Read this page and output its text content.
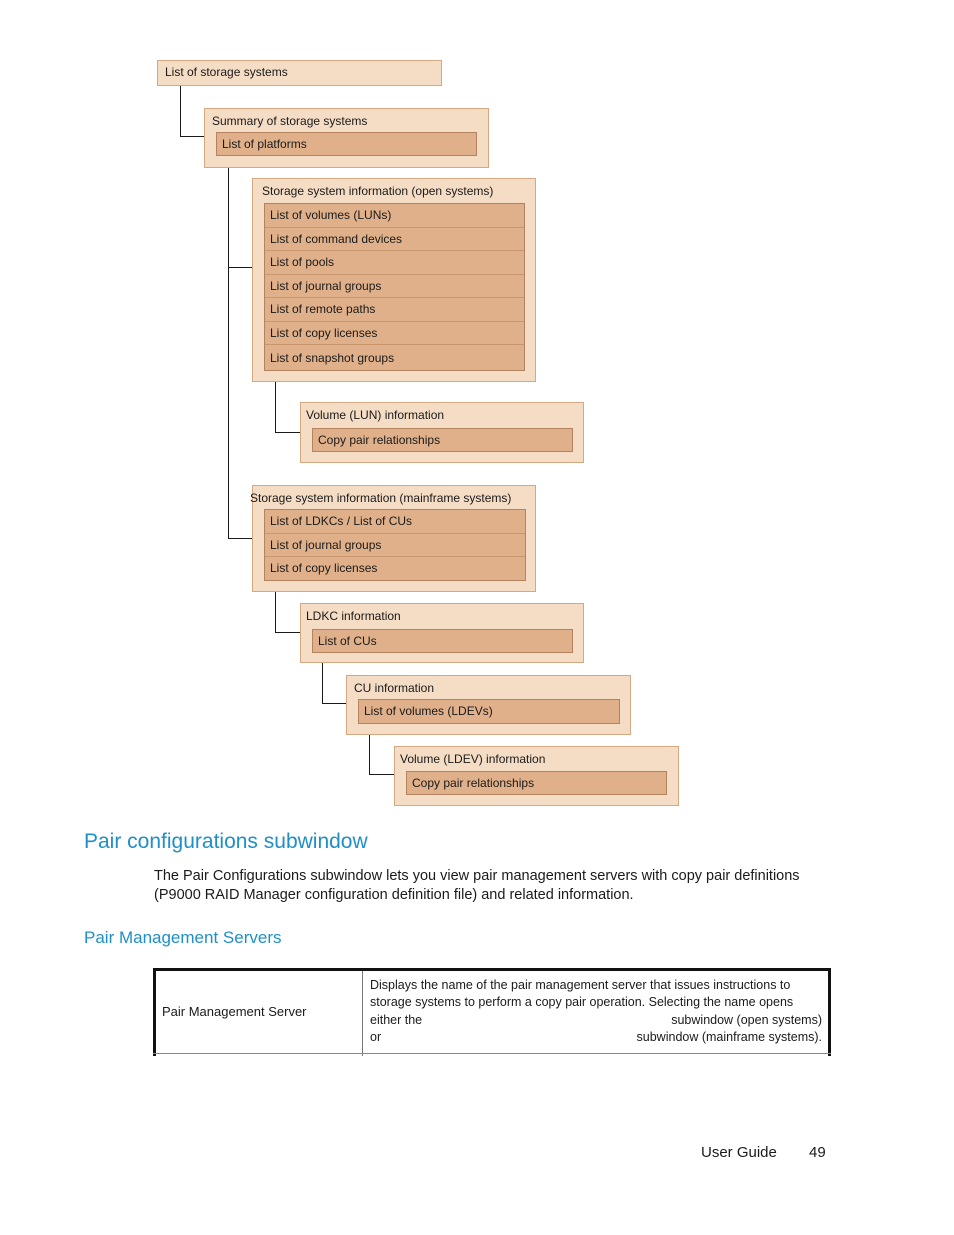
List of storage systems
Summary of storage systems
List of platforms
Storage system information (open systems)
List of volumes (LUNs)
List of command devices
List of pools
List of journal groups
List of remote paths
List of copy licenses
List of snapshot groups
Volume (LUN) information
Copy pair relationships
Storage system information (mainframe systems)
List of LDKCs / List of CUs
List of journal groups
List of copy licenses
LDKC information
List of CUs
CU information
List of volumes (LDEVs)
Volume (LDEV) information
Copy pair relationships
Pair configurations subwindow

The Pair Configurations subwindow lets you view pair management servers with copy pair definitions (P9000 RAID Manager configuration definition file) and related information.

Pair Management Servers
Pair Management Server
Displays the name of the pair management server that issues instructions to
storage systems to perform a copy pair operation. Selecting the name opens
either the	subwindow (open systems)
or	subwindow (mainframe systems).
User Guide 49
